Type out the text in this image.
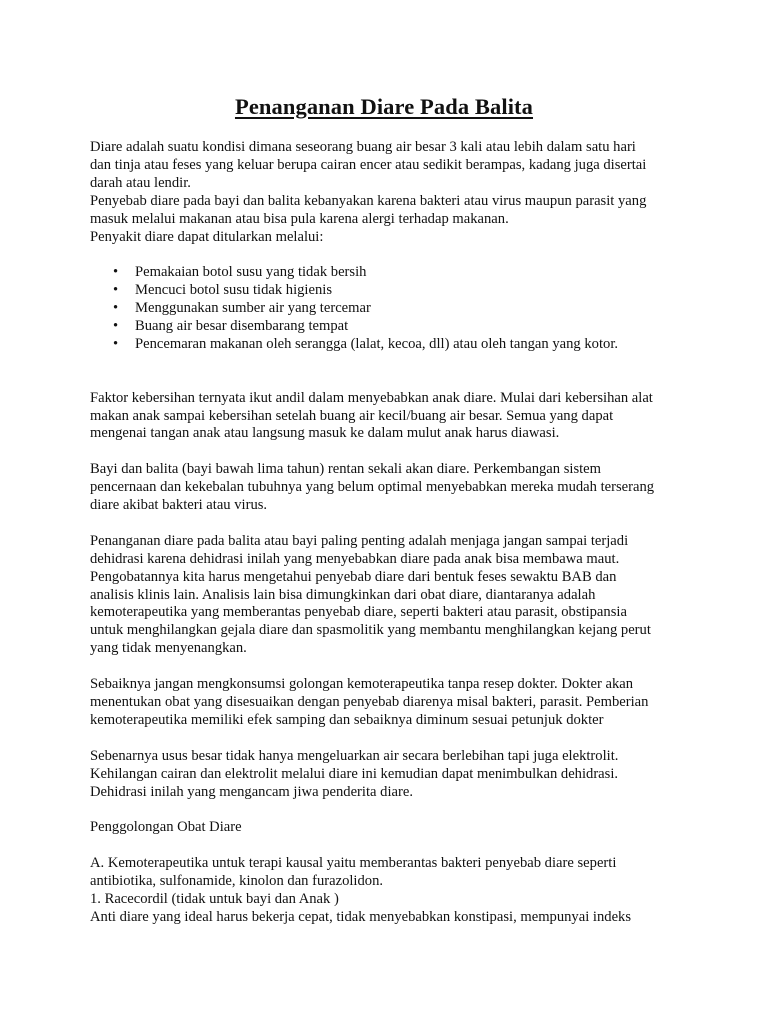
Penanganan Diare Pada Balita

Diare adalah suatu kondisi dimana seseorang buang air besar 3 kali atau lebih dalam satu hari
dan tinja atau feses yang keluar berupa cairan encer atau sedikit berampas, kadang juga disertai
darah atau lendir.
Penyebab diare pada bayi dan balita kebanyakan karena bakteri atau virus maupun parasit yang
masuk melalui makanan atau bisa pula karena alergi terhadap makanan.
Penyakit diare dapat ditularkan melalui:

• Pemakaian botol susu yang tidak bersih
• Mencuci botol susu tidak higienis
• Menggunakan sumber air yang tercemar
• Buang air besar disembarang tempat
• Pencemaran makanan oleh serangga (lalat, kecoa, dll) atau oleh tangan yang kotor.

Faktor kebersihan ternyata ikut andil dalam menyebabkan anak diare. Mulai dari kebersihan alat
makan anak sampai kebersihan setelah buang air kecil/buang air besar. Semua yang dapat
mengenai tangan anak atau langsung masuk ke dalam mulut anak harus diawasi.

Bayi dan balita (bayi bawah lima tahun) rentan sekali akan diare. Perkembangan sistem
pencernaan dan kekebalan tubuhnya yang belum optimal menyebabkan mereka mudah terserang
diare akibat bakteri atau virus.

Penanganan diare pada balita atau bayi paling penting adalah menjaga jangan sampai terjadi
dehidrasi karena dehidrasi inilah yang menyebabkan diare pada anak bisa membawa maut.
Pengobatannya kita harus mengetahui penyebab diare dari bentuk feses sewaktu BAB dan
analisis klinis lain. Analisis lain bisa dimungkinkan dari obat diare, diantaranya adalah
kemoterapeutika yang memberantas penyebab diare, seperti bakteri atau parasit, obstipansia
untuk menghilangkan gejala diare dan spasmolitik yang membantu menghilangkan kejang perut
yang tidak menyenangkan.

Sebaiknya jangan mengkonsumsi golongan kemoterapeutika tanpa resep dokter. Dokter akan
menentukan obat yang disesuaikan dengan penyebab diarenya misal bakteri, parasit. Pemberian
kemoterapeutika memiliki efek samping dan sebaiknya diminum sesuai petunjuk dokter

Sebenarnya usus besar tidak hanya mengeluarkan air secara berlebihan tapi juga elektrolit.
Kehilangan cairan dan elektrolit melalui diare ini kemudian dapat menimbulkan dehidrasi.
Dehidrasi inilah yang mengancam jiwa penderita diare.

Penggolongan Obat Diare

A. Kemoterapeutika untuk terapi kausal yaitu memberantas bakteri penyebab diare seperti
antibiotika, sulfonamide, kinolon dan furazolidon.
1. Racecordil (tidak untuk bayi dan Anak )
Anti diare yang ideal harus bekerja cepat, tidak menyebabkan konstipasi, mempunyai indeks
